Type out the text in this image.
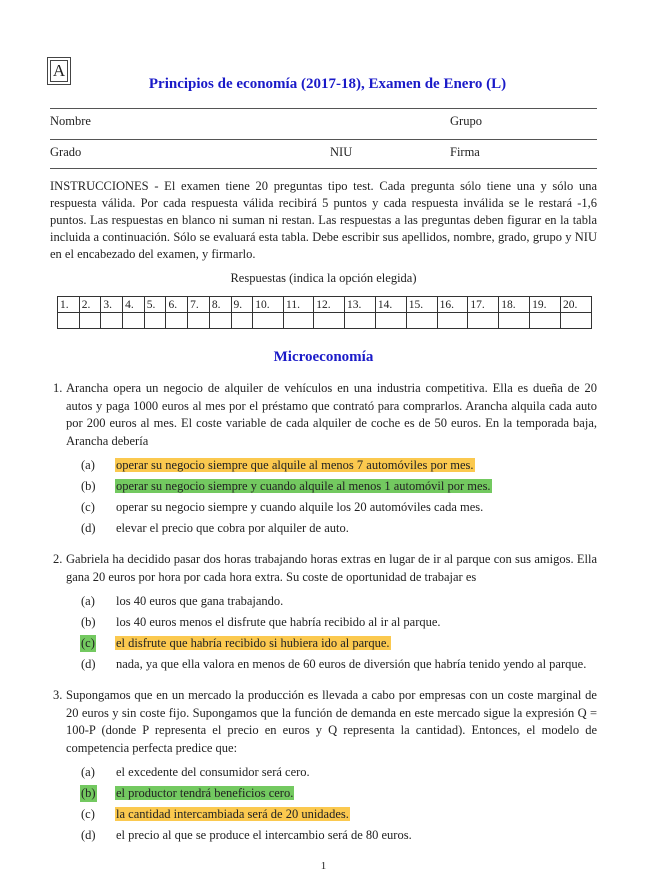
A
Principios de economía (2017-18), Examen de Enero (L)
Nombre	Grupo
Grado	NIU	Firma
INSTRUCCIONES - El examen tiene 20 preguntas tipo test. Cada pregunta sólo tiene una y sólo una respuesta válida. Por cada respuesta válida recibirá 5 puntos y cada respuesta inválida se le restará -1,6 puntos. Las respuestas en blanco ni suman ni restan. Las respuestas a las preguntas deben figurar en la tabla incluida a continuación. Sólo se evaluará esta tabla. Debe escribir sus apellidos, nombre, grado, grupo y NIU en el encabezado del examen, y firmarlo.
Respuestas (indica la opción elegida)
1.	2.	3.	4.	5.	6.	7.	8.	9.	10.	11.	12.	13.	14.	15.	16.	17.	18.	19.	20.

Microeconomía
1. Arancha opera un negocio de alquiler de vehículos en una industria competitiva. Ella es dueña de 20 autos y paga 1000 euros al mes por el préstamo que contrató para comprarlos. Arancha alquila cada auto por 200 euros al mes. El coste variable de cada alquiler de coche es de 50 euros. En la temporada baja, Arancha debería
(a) operar su negocio siempre que alquile al menos 7 automóviles por mes.
(b) operar su negocio siempre y cuando alquile al menos 1 automóvil por mes.
(c) operar su negocio siempre y cuando alquile los 20 automóviles cada mes.
(d) elevar el precio que cobra por alquiler de auto.
2. Gabriela ha decidido pasar dos horas trabajando horas extras en lugar de ir al parque con sus amigos. Ella gana 20 euros por hora por cada hora extra. Su coste de oportunidad de trabajar es
(a) los 40 euros que gana trabajando.
(b) los 40 euros menos el disfrute que habría recibido al ir al parque.
(c) el disfrute que habría recibido si hubiera ido al parque.
(d) nada, ya que ella valora en menos de 60 euros de diversión que habría tenido yendo al parque.
3. Supongamos que en un mercado la producción es llevada a cabo por empresas con un coste marginal de 20 euros y sin coste fijo. Supongamos que la función de demanda en este mercado sigue la expresión Q = 100-P (donde P representa el precio en euros y Q representa la cantidad). Entonces, el modelo de competencia perfecta predice que:
(a) el excedente del consumidor será cero.
(b) el productor tendrá beneficios cero.
(c) la cantidad intercambiada será de 20 unidades.
(d) el precio al que se produce el intercambio será de 80 euros.
1
